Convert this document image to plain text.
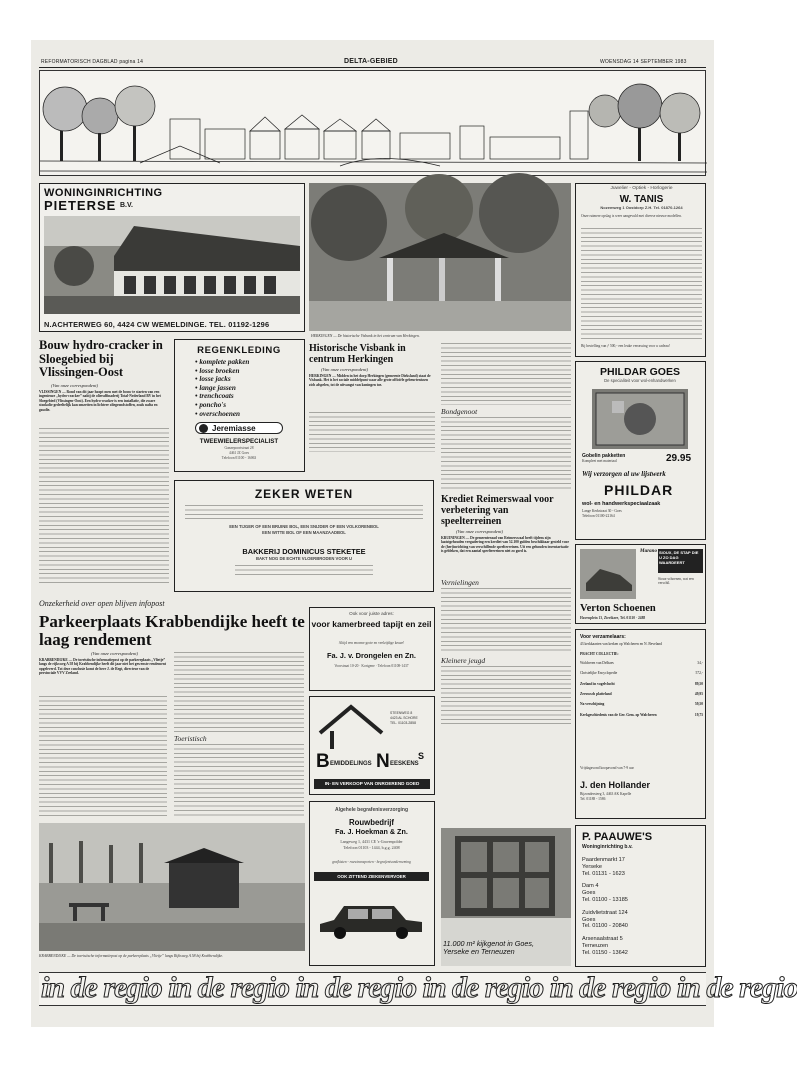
REFORMATORISCH DAGBLAD pagina 14	DELTA-GEBIED	WOENSDAG 14 SEPTEMBER 1983
WONINGINRICHTING
PIETERSE B.V.
N.ACHTERWEG 60, 4424 CW WEMELDINGE. TEL. 01192-1296
HERKINGEN — De historische Visbank in het centrum van Herkingen.
Juwelier - Optiek - Horlogerie
W. TANIS
Nozemweg 1 Oostdorp Z.H. Tel. 01870-1264
Onze ruimere opslag is weer aangevuld met diverse nieuwe modellen.
Bij bestelling van ƒ 500,- een leuke verrassing voor u cadeau!
Bouw hydro-cracker in Sloegebied bij Vlissingen-Oost
(Van onze correspondent)
VLISSINGEN — Rond van dit jaar hoopt men met de bouw te starten van een ingenieuze „hydro-cracker” nabij de olieraffinaderij Total-Nederland BV in het Sloegebied (Vlissingen-Oost). Een hydro-cracker is een installatie, die zware stookolie gedeeltelijk kan omzetten in lichtere oliegrondstoffen, zoals nafta en gasolie.
REGENKLEDING
• komplete pakken
• losse broeken
• losse jacks
• lange jassen
• trenchcoats
• poncho's
• overschoenen
Jeremiasse
TWEEWIELERSPECIALIST
Ganzepoortstraat 28
4461 JZ Goes
Telefoon 01100 - 16063
Historische Visbank in centrum Herkingen
(Van onze correspondent)
HERKINGEN — Midden in het dorp Herkingen (gemeente Dirksland) staat de Visbank. Het is het sociale middelpunt waar alle grote officiële gebeurtenissen zich afspelen, tot de uitvangst van koningen toe.
Bondgenoot
PHILDAR GOES
De specialiteit voor wol-enhandwerken
Gobelin pakketten
Kompleet met materiaal	29.95
Wij verzorgen al uw lijstwerk
PHILDAR
wol- en handwerkspeciaalzaak
Lange Kerkstraat 30 - Goes
Telefoon 01100-22164
ZEKER WETEN
EEN TIJGER OF EEN BRUINE BOL, EEN SNIJDER OF EEN VOLKORENBOL
EEN WITTE BOL OF EEN MAANZAADBOL
BAKKERIJ DOMINICUS STEKETEE
BAKT NOG DE ECHTE VLOERBRODEN VOOR U
Krediet Reimerswaal voor verbetering van speelterreinen
(Van onze correspondent)
KRUININGEN — De gemeenteraad van Reimerswaal heeft tijdens zijn laatstgehouden vergadering een krediet van 52.100 gulden beschikbaar gesteld voor de (her)inrichting van verschillende speelterreinen. Uit een gehouden inventarisatie is gebleken, dat een aantal speelterreinen niet zo goed is.
Vernielingen
Kleinere jeugd
Murano SIOUX, DE STAP DIE U ZO DAG WAARDEERT
Sioux-schoenen, wat een verschil.
Verton Schoenen
Havenplein 13, Zierikzee, Tel. 01110 - 2488
Onzekerheid over open blijven infopost
Parkeerplaats Krabbendijke heeft te laag rendement
(Van onze correspondent)
KRABBENDIJKE — De toeristische informatiepost op de parkeerplaats „Vlietje” langs de rijksweg A 58 bij Krabbendijke heeft dit jaar niet het gewenste rendement opgeleverd. Tot deze conclusie komt de heer J. de Regt, directeur van de provinciale VVV Zeeland.
Toeristisch
KRABBENDIJKE — De toeristische informatiepost op de parkeerplaats „Vlietje” langs Rijksweg A 58 bij Krabbendijke.
Ook voor juiste adres:
voor kamerbreed tapijt en zeil
Altijd een enorme grote en veelzijdige keuze!
Fa. J. v. Drongelen en Zn.
Voorstraat 10-20 · Kortgene · Telefoon 01108-1437
STEENWEG 8
4423 AL SCHORE
TEL. 01103-2858
B EMIDDELINGS N EESKENS
S
IN- EN VERKOOP VAN ONROEREND GOED
Algehele begrafenisverzorging
Rouwbedrijf
Fa. J. Hoekman & Zn.
Langeweg 1, 4431 CE 's-Gravenpolder
Telefoon 01103 - 1444, b.g.g. 2408
grafkisten - rouwtransporten - begrafenisonderneming
OOK ZITTEND ZIEKENVERVOER
11.000 m² kijkgenot in Goes,
Yerseke en Terneuzen
Voor verzamelaars:
43 kerkkaarten van kerken op Walcheren en N. Beveland
PRACHT COLLECTIE:
Walcheren van Delhaes	34,-
Christelijke Encyclopedie	572,-
Zeeland in vogelvlucht	89,50
Zeeuwsch platteland	49,95
Na verschijning	59,50
Kerkgeschiedenis van de Ger. Gem. op Walcheren	19,75
Vrijdagavond koopavond van 7-9 uur
J. den Hollander
Bijzondersteeg 3, 4463 AK Kapelle
Tel. 01188 - 1586
P. PAAUWE'S
Woninginrichting b.v.
Paardenmarkt 17
Yerseke
Tel. 01131 - 1623
Dam 4
Goes
Tel. 01100 - 13185
Zuidvlietstraat 124
Goes
Tel. 01100 - 20840
Arsenaalstraat 5
Terneuzen
Tel. 01150 - 13642
in de regio in de regio in de regio in de regio in de regio in de regio
